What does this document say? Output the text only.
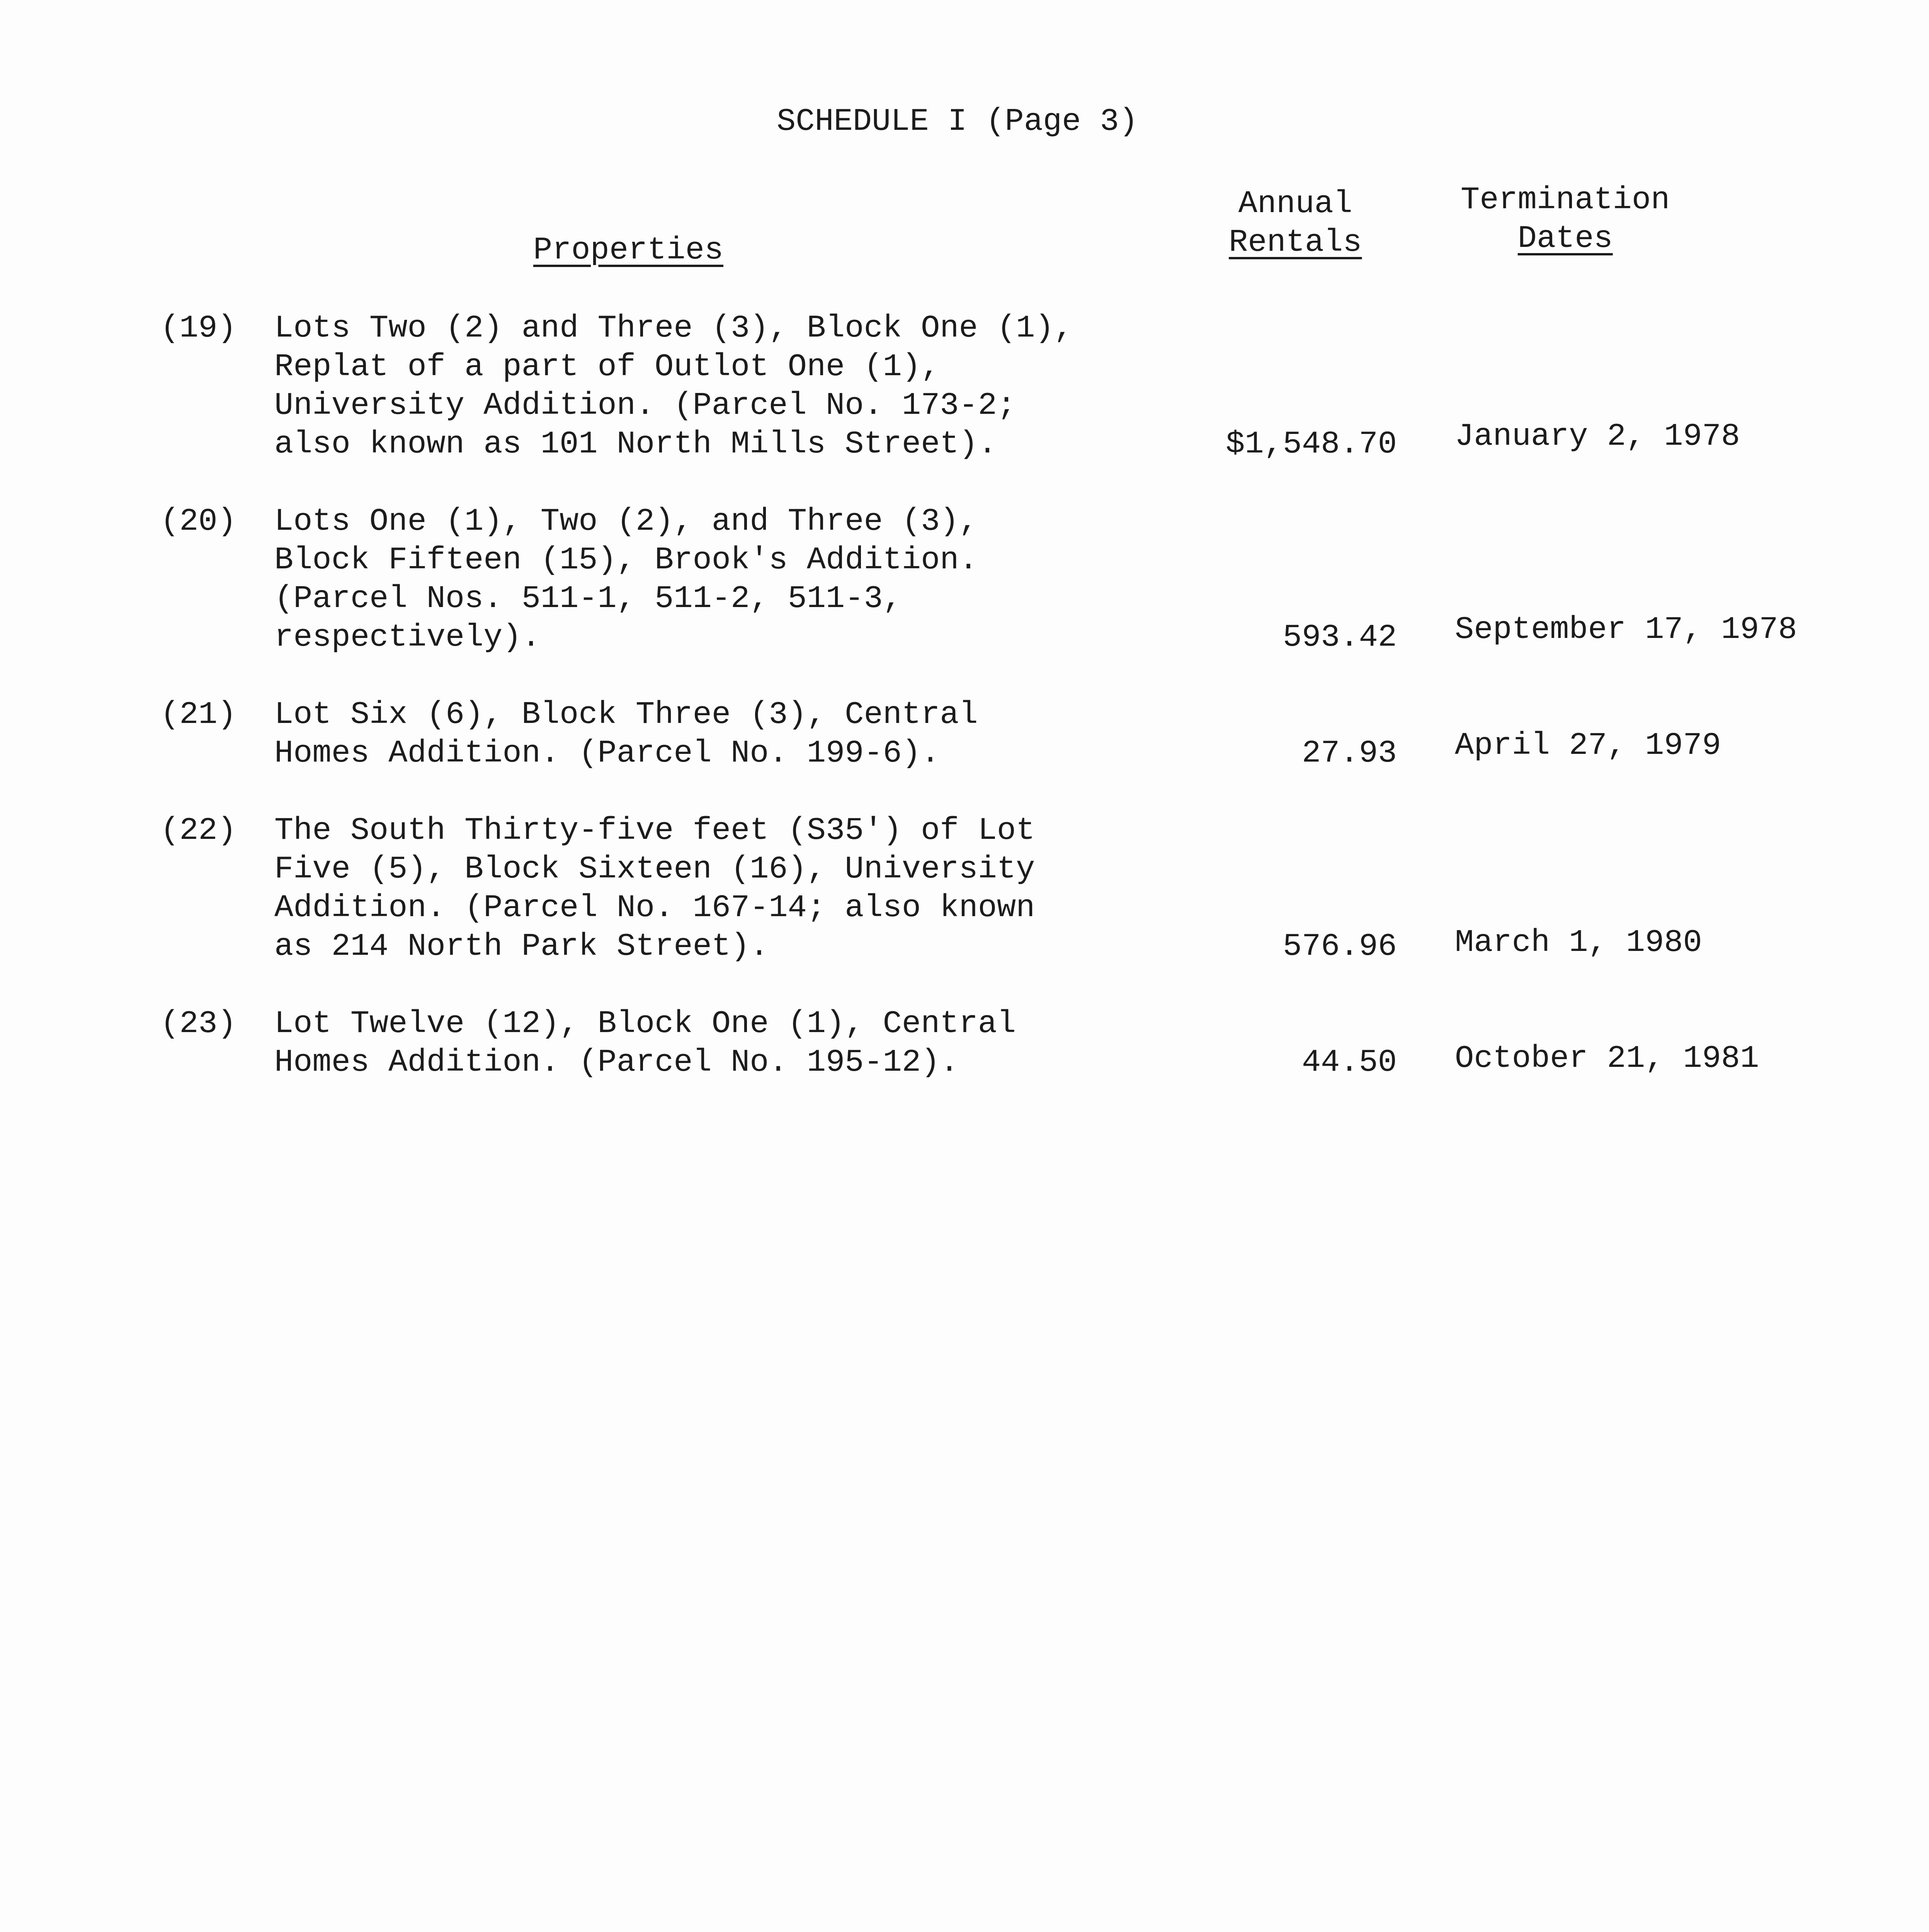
SCHEDULE I (Page 3)
Properties
Annual
Rentals
Termination
Dates
(19) Lots Two (2) and Three (3), Block One (1),
Replat of a part of Outlot One (1),
University Addition. (Parcel No. 173-2;
also known as 101 North Mills Street).	$1,548.70 January 2, 1978
(20) Lots One (1), Two (2), and Three (3),
Block Fifteen (15), Brook's Addition.
(Parcel Nos. 511-1, 511-2, 511-3,
respectively).	593.42 September 17, 1978
(21) Lot Six (6), Block Three (3), Central
Homes Addition. (Parcel No. 199-6).	27.93 April 27, 1979
(22) The South Thirty-five feet (S35') of Lot
Five (5), Block Sixteen (16), University
Addition. (Parcel No. 167-14; also known
as 214 North Park Street).	576.96 March 1, 1980
(23) Lot Twelve (12), Block One (1), Central
Homes Addition. (Parcel No. 195-12).	44.50 October 21, 1981
